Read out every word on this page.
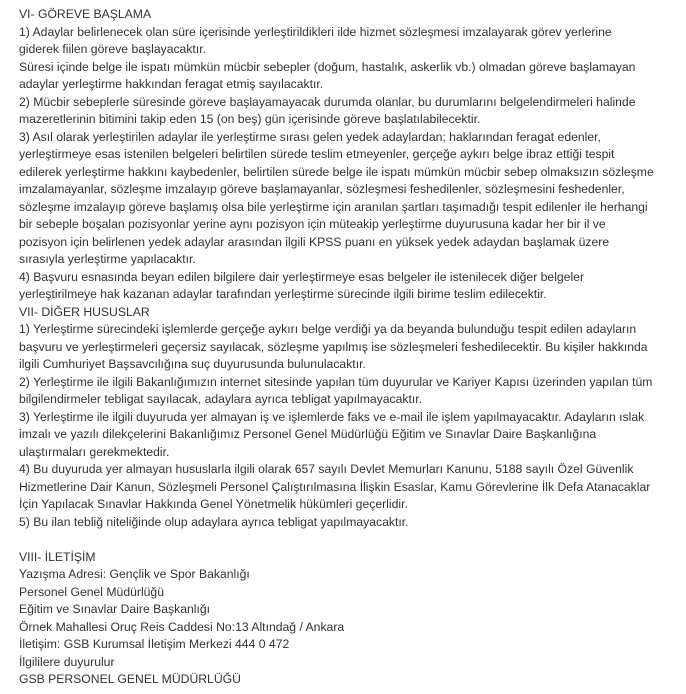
VI- GÖREVE BAŞLAMA

1) Adaylar belirlenecek olan süre içerisinde yerleştirildikleri ilde hizmet sözleşmesi imzalayarak görev yerlerine
giderek fiilen göreve başlayacaktır.
Süresi içinde belge ile ispatı mümkün mücbir sebepler (doğum, hastalık, askerlik vb.) olmadan göreve başlamayan
adaylar yerleştirme hakkından feragat etmiş sayılacaktır.

2) Mücbir sebeplerle süresinde göreve başlayamayacak durumda olanlar, bu durumlarını belgelendirmeleri halinde
mazeretlerinin bitimini takip eden 15 (on beş) gün içerisinde göreve başlatılabilecektir.

3) Asıl olarak yerleştirilen adaylar ile yerleştirme sırası gelen yedek adaylardan; haklarından feragat edenler,
yerleştirmeye esas istenilen belgeleri belirtilen sürede teslim etmeyenler, gerçeğe aykırı belge ibraz ettiği tespit
edilerek yerleştirme hakkını kaybedenler, belirtilen sürede belge ile ispatı mümkün mücbir sebep olmaksızın sözleşme
imzalamayanlar, sözleşme imzalayıp göreve başlamayanlar, sözleşmesi feshedilenler, sözleşmesini feshedenler,
sözleşme imzalayıp göreve başlamış olsa bile yerleştirme için aranılan şartları taşımadığı tespit edilenler ile herhangi
bir sebeple boşalan pozisyonlar yerine aynı pozisyon için müteakip yerleştirme duyurusuna kadar her bir il ve
pozisyon için belirlenen yedek adaylar arasından ilgili KPSS puanı en yüksek yedek adaydan başlamak üzere
sırasıyla yerleştirme yapılacaktır.

4) Başvuru esnasında beyan edilen bilgilere dair yerleştirmeye esas belgeler ile istenilecek diğer belgeler
yerleştirilmeye hak kazanan adaylar tarafından yerleştirme sürecinde ilgili birime teslim edilecektir.

VII- DİĞER HUSUSLAR

1) Yerleştirme sürecindeki işlemlerde gerçeğe aykırı belge verdiği ya da beyanda bulunduğu tespit edilen adayların
başvuru ve yerleştirmeleri geçersiz sayılacak, sözleşme yapılmış ise sözleşmeleri feshedilecektir. Bu kişiler hakkında
ilgili Cumhuriyet Başsavcılığına suç duyurusunda bulunulacaktır.

2) Yerleştirme ile ilgili Bakanlığımızın internet sitesinde yapılan tüm duyurular ve Kariyer Kapısı üzerinden yapılan tüm
bilgilendirmeler tebligat sayılacak, adaylara ayrıca tebligat yapılmayacaktır.

3) Yerleştirme ile ilgili duyuruda yer almayan iş ve işlemlerde faks ve e-mail ile işlem yapılmayacaktır. Adayların ıslak
imzalı ve yazılı dilekçelerini Bakanlığımız Personel Genel Müdürlüğü Eğitim ve Sınavlar Daire Başkanlığına
ulaştırmaları gerekmektedir.

4) Bu duyuruda yer almayan hususlarla ilgili olarak 657 sayılı Devlet Memurları Kanunu, 5188 sayılı Özel Güvenlik
Hizmetlerine Dair Kanun, Sözleşmeli Personel Çalıştırılmasına İlişkin Esaslar, Kamu Görevlerine İlk Defa Atanacaklar
İçin Yapılacak Sınavlar Hakkında Genel Yönetmelik hükümleri geçerlidir.

5) Bu ilan tebliğ niteliğinde olup adaylara ayrıca tebligat yapılmayacaktır.

VIII- İLETİŞİM

Yazışma Adresi: Gençlik ve Spor Bakanlığı

Personel Genel Müdürlüğü

Eğitim ve Sınavlar Daire Başkanlığı

Örnek Mahallesi Oruç Reis Caddesi No:13 Altındağ / Ankara

İletişim: GSB Kurumsal İletişim Merkezi 444 0 472

İlgililere duyurulur

GSB PERSONEL GENEL MÜDÜRLÜĞÜ
